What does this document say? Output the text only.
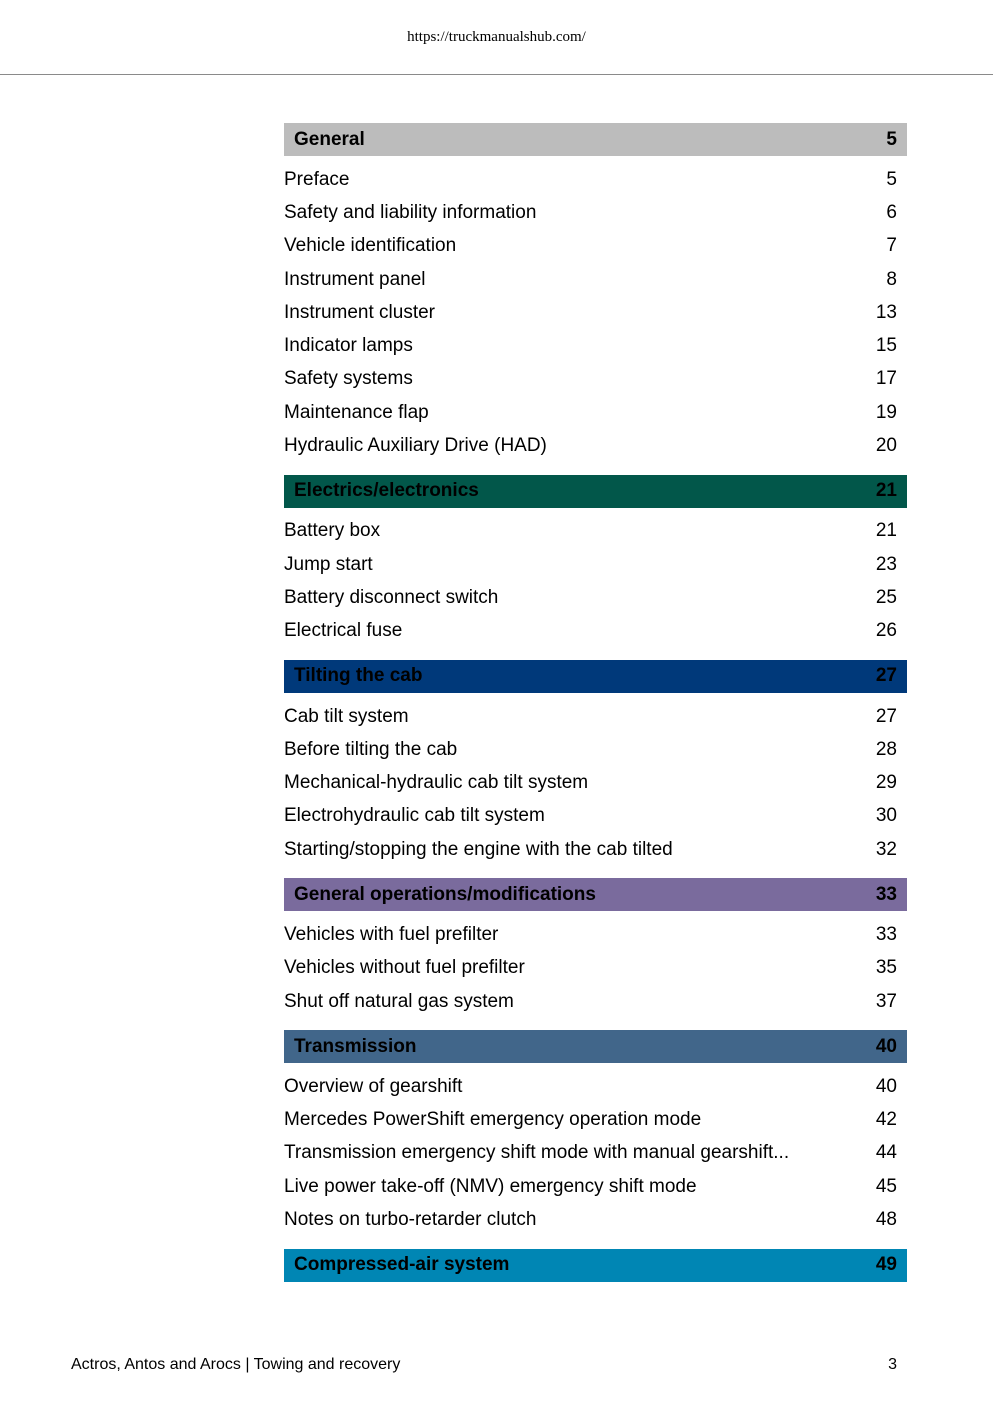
https://truckmanualshub.com/
General	5
Preface	5
Safety and liability information	6
Vehicle identification	7
Instrument panel	8
Instrument cluster	13
Indicator lamps	15
Safety systems	17
Maintenance flap	19
Hydraulic Auxiliary Drive (HAD)	20
Electrics/electronics	21
Battery box	21
Jump start	23
Battery disconnect switch	25
Electrical fuse	26
Tilting the cab	27
Cab tilt system	27
Before tilting the cab	28
Mechanical-hydraulic cab tilt system	29
Electrohydraulic cab tilt system	30
Starting/stopping the engine with the cab tilted	32
General operations/modifications	33
Vehicles with fuel prefilter	33
Vehicles without fuel prefilter	35
Shut off natural gas system	37
Transmission	40
Overview of gearshift	40
Mercedes PowerShift emergency operation mode	42
Transmission emergency shift mode with manual gearshift...	44
Live power take-off (NMV) emergency shift mode	45
Notes on turbo-retarder clutch	48
Compressed-air system	49
Actros, Antos and Arocs | Towing and recovery	3
